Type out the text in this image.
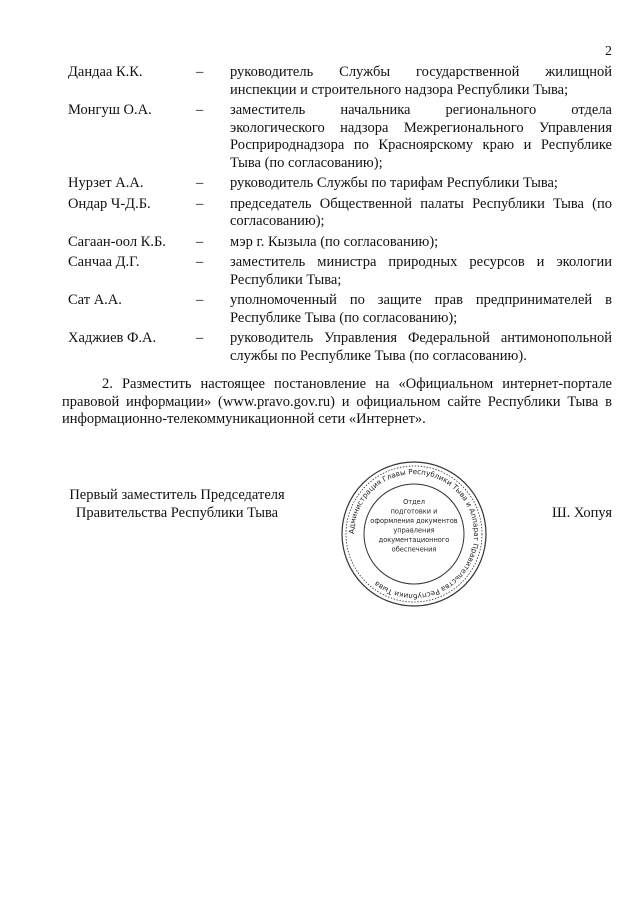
2
Дандаа К.К.	–	руководитель Службы государственной жилищной инспекции и строительного надзора Республики Тыва;
Монгуш О.А.	–	заместитель начальника регионального отдела экологического надзора Межрегионального Управления Росприроднадзора по Красноярскому краю и Республике Тыва (по согласованию);
Нурзет А.А.	–	руководитель Службы по тарифам Республики Тыва;
Ондар Ч-Д.Б.	–	председатель Общественной палаты Республики Тыва (по согласованию);
Сагаан-оол К.Б.	–	мэр г. Кызыла (по согласованию);
Санчаа Д.Г.	–	заместитель министра природных ресурсов и экологии Республики Тыва;
Сат А.А.	–	уполномоченный по защите прав предпринимателей в Республике Тыва (по согласованию);
Хаджиев Ф.А.	–	руководитель Управления Федеральной антимонопольной службы по Республике Тыва (по согласованию).

2. Разместить настоящее постановление на «Официальном интернет-портале правовой информации» (www.pravo.gov.ru) и официальном сайте Республики Тыва в информационно-телекоммуникационной сети «Интернет».

Первый заместитель Председателя
Правительства Республики Тыва
Администрация Главы Республики Тыва и Аппарат Правительства Республики Тыва
Отдел
подготовки и
оформления документов
управления
документационного
обеспечения
Ш. Хопуя
